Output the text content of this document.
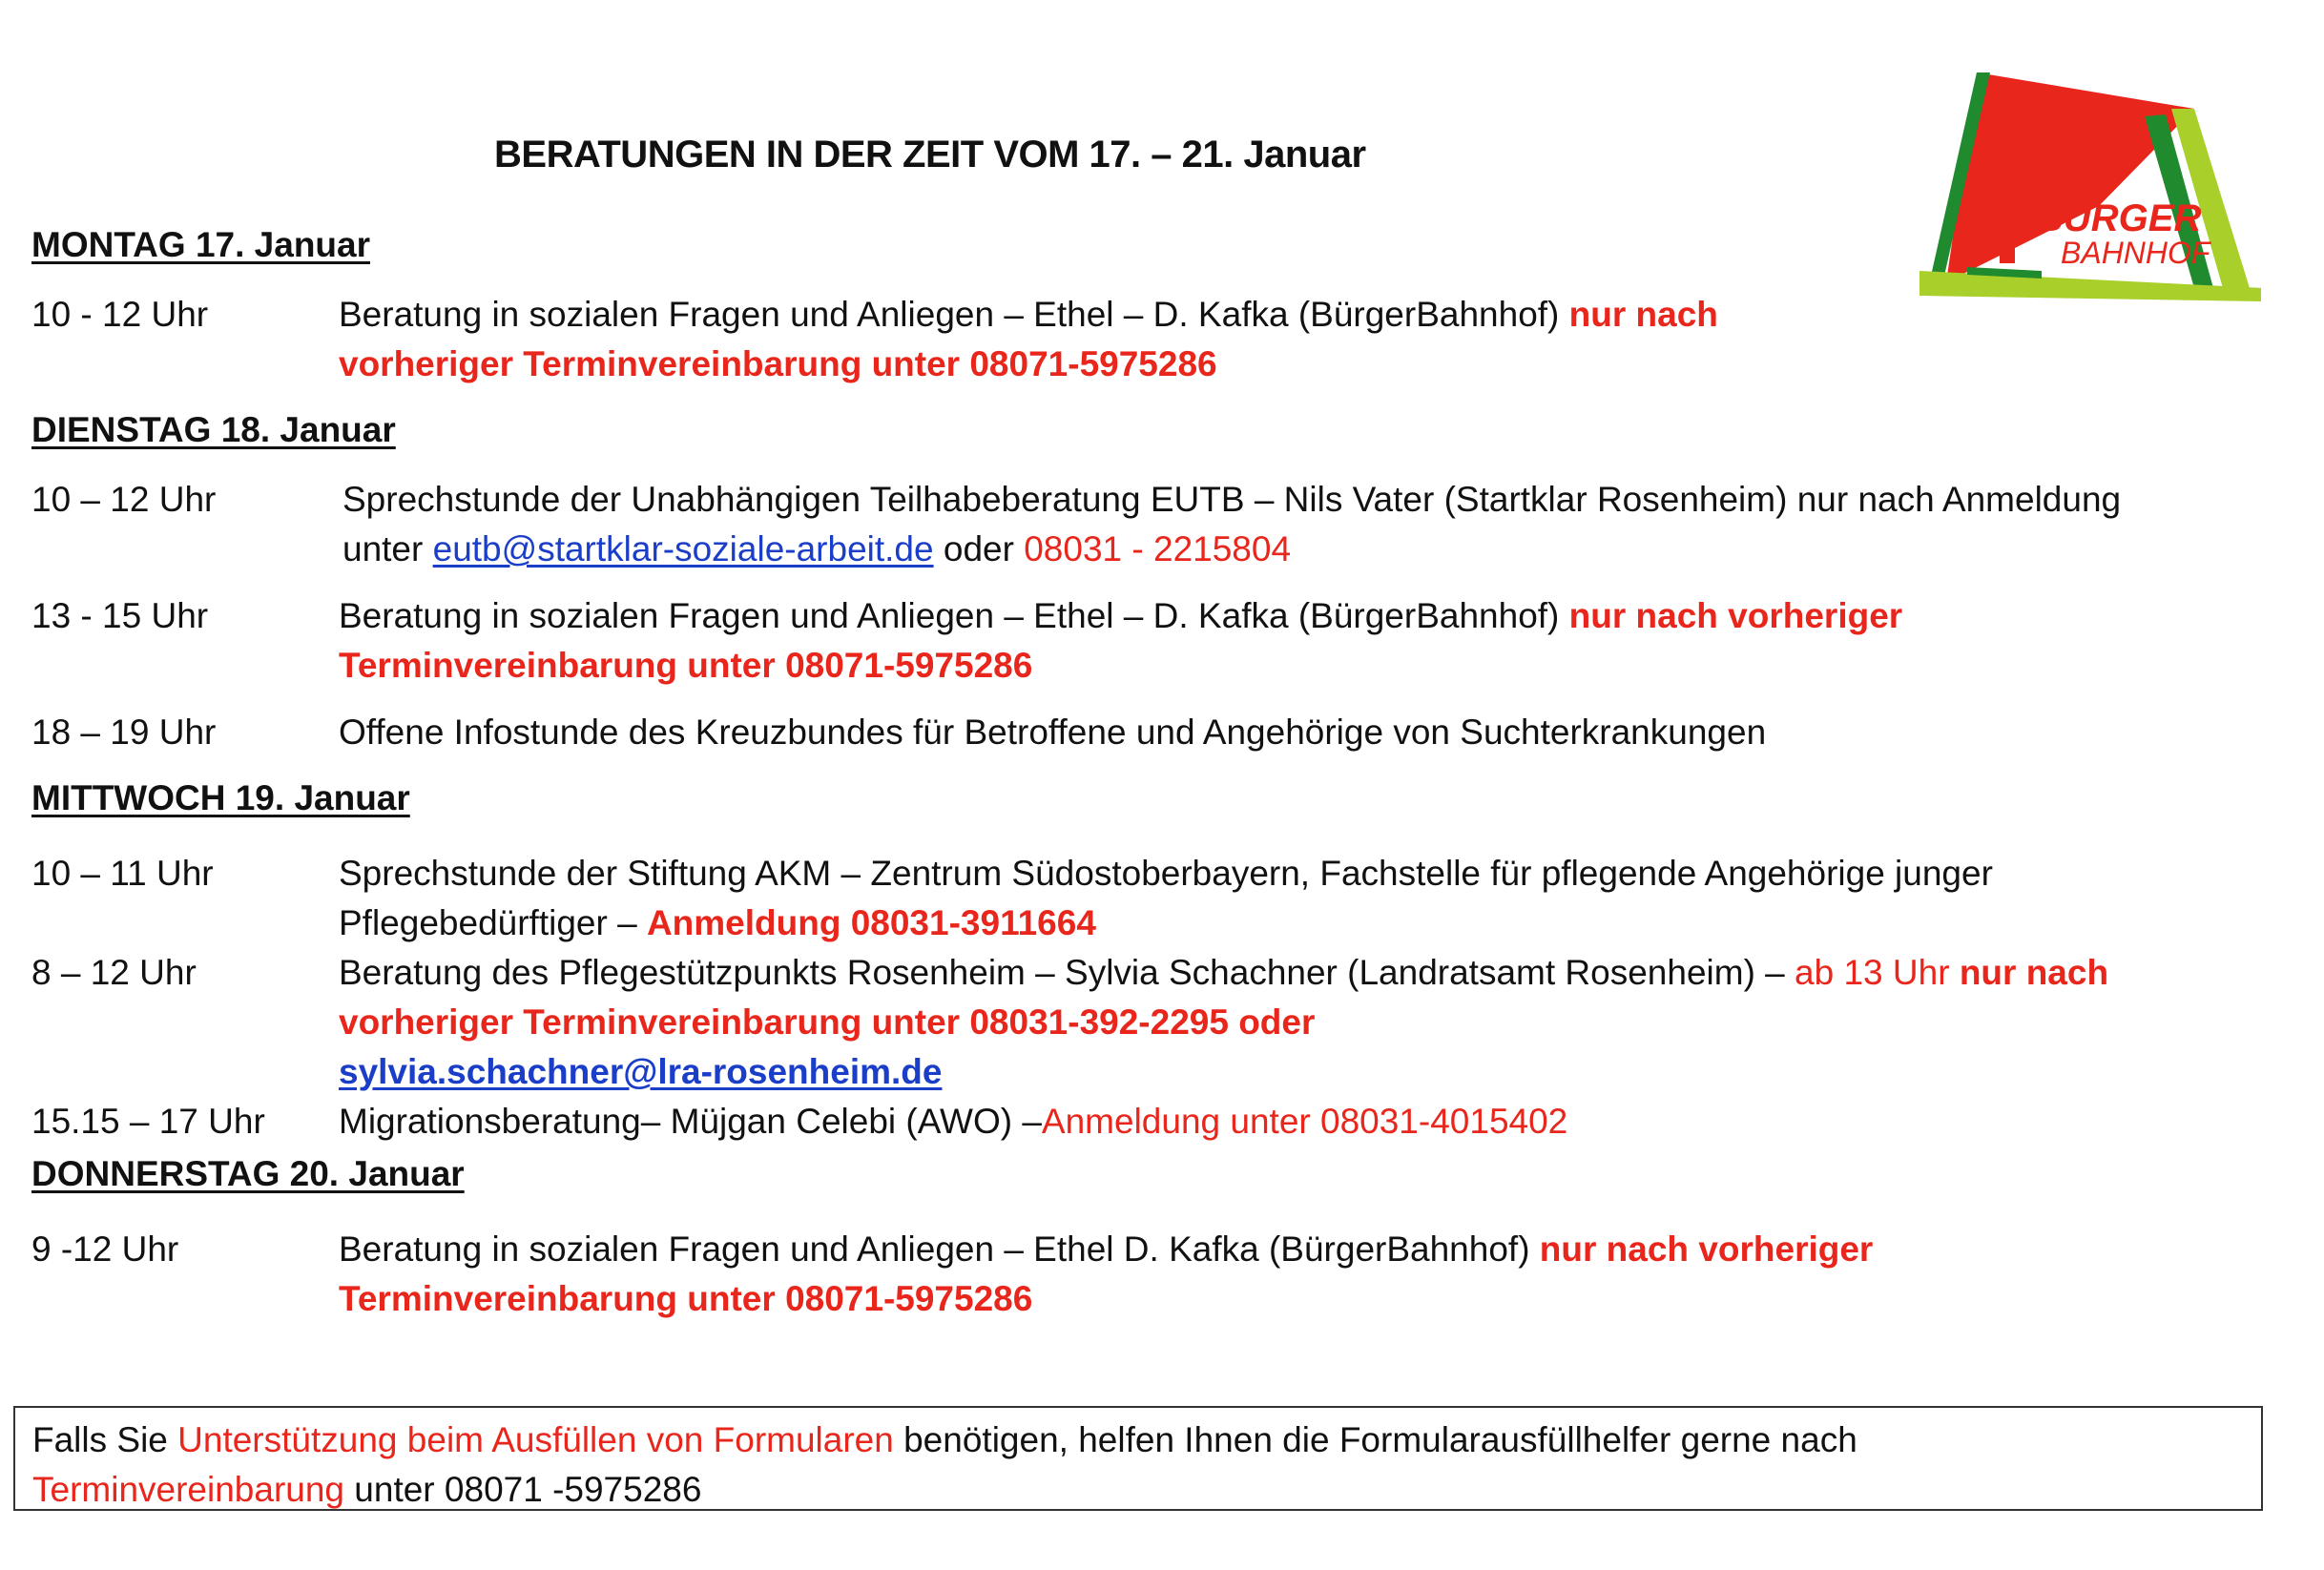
BÜRGER
BAHNHOF
BERATUNGEN IN DER ZEIT VOM 17. – 21. Januar
MONTAG 17. Januar
10 - 12 Uhr	Beratung in sozialen Fragen und Anliegen – Ethel – D. Kafka (BürgerBahnhof) nur nach
vorheriger Terminvereinbarung unter 08071-5975286
DIENSTAG 18. Januar
10 – 12 Uhr	Sprechstunde der Unabhängigen Teilhabeberatung EUTB – Nils Vater (Startklar Rosenheim) nur nach Anmeldung
unter eutb@startklar-soziale-arbeit.de oder 08031 - 2215804
13 - 15 Uhr	Beratung in sozialen Fragen und Anliegen – Ethel – D. Kafka (BürgerBahnhof) nur nach vorheriger
Terminvereinbarung unter 08071-5975286
18 – 19 Uhr	Offene Infostunde des Kreuzbundes für Betroffene und Angehörige von Suchterkrankungen
MITTWOCH 19. Januar
10 – 11 Uhr	Sprechstunde der Stiftung AKM – Zentrum Südostoberbayern, Fachstelle für pflegende Angehörige junger
Pflegebedürftiger – Anmeldung 08031-3911664
8 – 12 Uhr	Beratung des Pflegestützpunkts Rosenheim – Sylvia Schachner (Landratsamt Rosenheim) – ab 13 Uhr nur nach
vorheriger Terminvereinbarung unter 08031-392-2295 oder
sylvia.schachner@lra-rosenheim.de
15.15 – 17 Uhr Migrationsberatung– Müjgan Celebi (AWO) –Anmeldung unter 08031-4015402
DONNERSTAG 20. Januar
9 -12 Uhr	Beratung in sozialen Fragen und Anliegen – Ethel D. Kafka (BürgerBahnhof) nur nach vorheriger
Terminvereinbarung unter 08071-5975286
Falls Sie Unterstützung beim Ausfüllen von Formularen benötigen, helfen Ihnen die Formularausfüllhelfer gerne nach
Terminvereinbarung unter 08071 -5975286
